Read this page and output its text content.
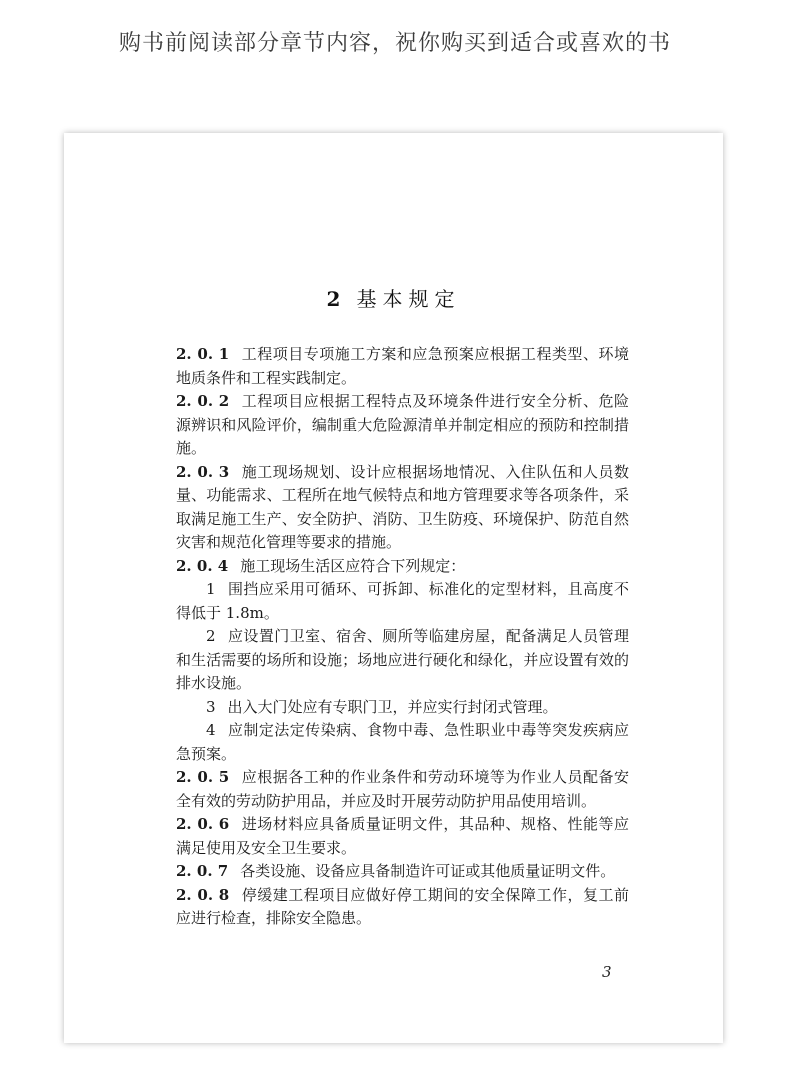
购书前阅读部分章节内容，祝你购买到适合或喜欢的书
2 基本规定

2. 0. 1 工程项目专项施工方案和应急预案应根据工程类型、环境地质条件和工程实践制定。

2. 0. 2 工程项目应根据工程特点及环境条件进行安全分析、危险源辨识和风险评价，编制重大危险源清单并制定相应的预防和控制措施。

2. 0. 3 施工现场规划、设计应根据场地情况、入住队伍和人员数量、功能需求、工程所在地气候特点和地方管理要求等各项条件，采取满足施工生产、安全防护、消防、卫生防疫、环境保护、防范自然灾害和规范化管理等要求的措施。

2. 0. 4 施工现场生活区应符合下列规定：

1 围挡应采用可循环、可拆卸、标准化的定型材料，且高度不得低于 1.8m。

2 应设置门卫室、宿舍、厕所等临建房屋，配备满足人员管理和生活需要的场所和设施；场地应进行硬化和绿化，并应设置有效的排水设施。

3 出入大门处应有专职门卫，并应实行封闭式管理。

4 应制定法定传染病、食物中毒、急性职业中毒等突发疾病应急预案。

2. 0. 5 应根据各工种的作业条件和劳动环境等为作业人员配备安全有效的劳动防护用品，并应及时开展劳动防护用品使用培训。

2. 0. 6 进场材料应具备质量证明文件，其品种、规格、性能等应满足使用及安全卫生要求。

2. 0. 7 各类设施、设备应具备制造许可证或其他质量证明文件。

2. 0. 8 停缓建工程项目应做好停工期间的安全保障工作，复工前应进行检查，排除安全隐患。

3
